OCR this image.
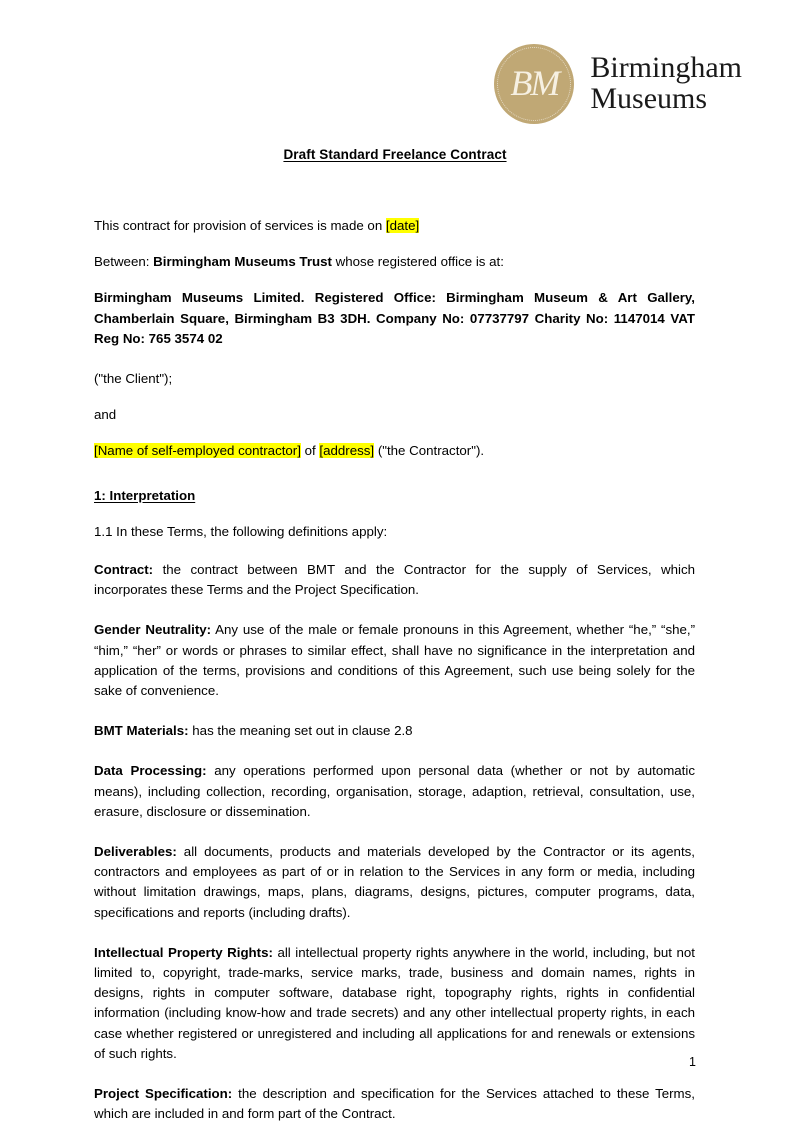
BM Birmingham
Museums
Draft Standard Freelance Contract

This contract for provision of services is made on [date]

Between: Birmingham Museums Trust whose registered office is at:

Birmingham Museums Limited. Registered Office: Birmingham Museum & Art Gallery, Chamberlain Square, Birmingham B3 3DH. Company No: 07737797 Charity No: 1147014 VAT Reg No: 765 3574 02

("the Client");

and

[Name of self-employed contractor] of [address] ("the Contractor").

1: Interpretation

1.1 In these Terms, the following definitions apply:

Contract: the contract between BMT and the Contractor for the supply of Services, which incorporates these Terms and the Project Specification.

Gender Neutrality: Any use of the male or female pronouns in this Agreement, whether “he,” “she,” “him,” “her” or words or phrases to similar effect, shall have no significance in the interpretation and application of the terms, provisions and conditions of this Agreement, such use being solely for the sake of convenience.

BMT Materials: has the meaning set out in clause 2.8

Data Processing: any operations performed upon personal data (whether or not by automatic means), including collection, recording, organisation, storage, adaption, retrieval, consultation, use, erasure, disclosure or dissemination.

Deliverables: all documents, products and materials developed by the Contractor or its agents, contractors and employees as part of or in relation to the Services in any form or media, including without limitation drawings, maps, plans, diagrams, designs, pictures, computer programs, data, specifications and reports (including drafts).

Intellectual Property Rights: all intellectual property rights anywhere in the world, including, but not limited to, copyright, trade-marks, service marks, trade, business and domain names, rights in designs, rights in computer software, database right, topography rights, rights in confidential information (including know-how and trade secrets) and any other intellectual property rights, in each case whether registered or unregistered and including all applications for and renewals or extensions of such rights.

Project Specification: the description and specification for the Services attached to these Terms, which are included in and form part of the Contract.

1
